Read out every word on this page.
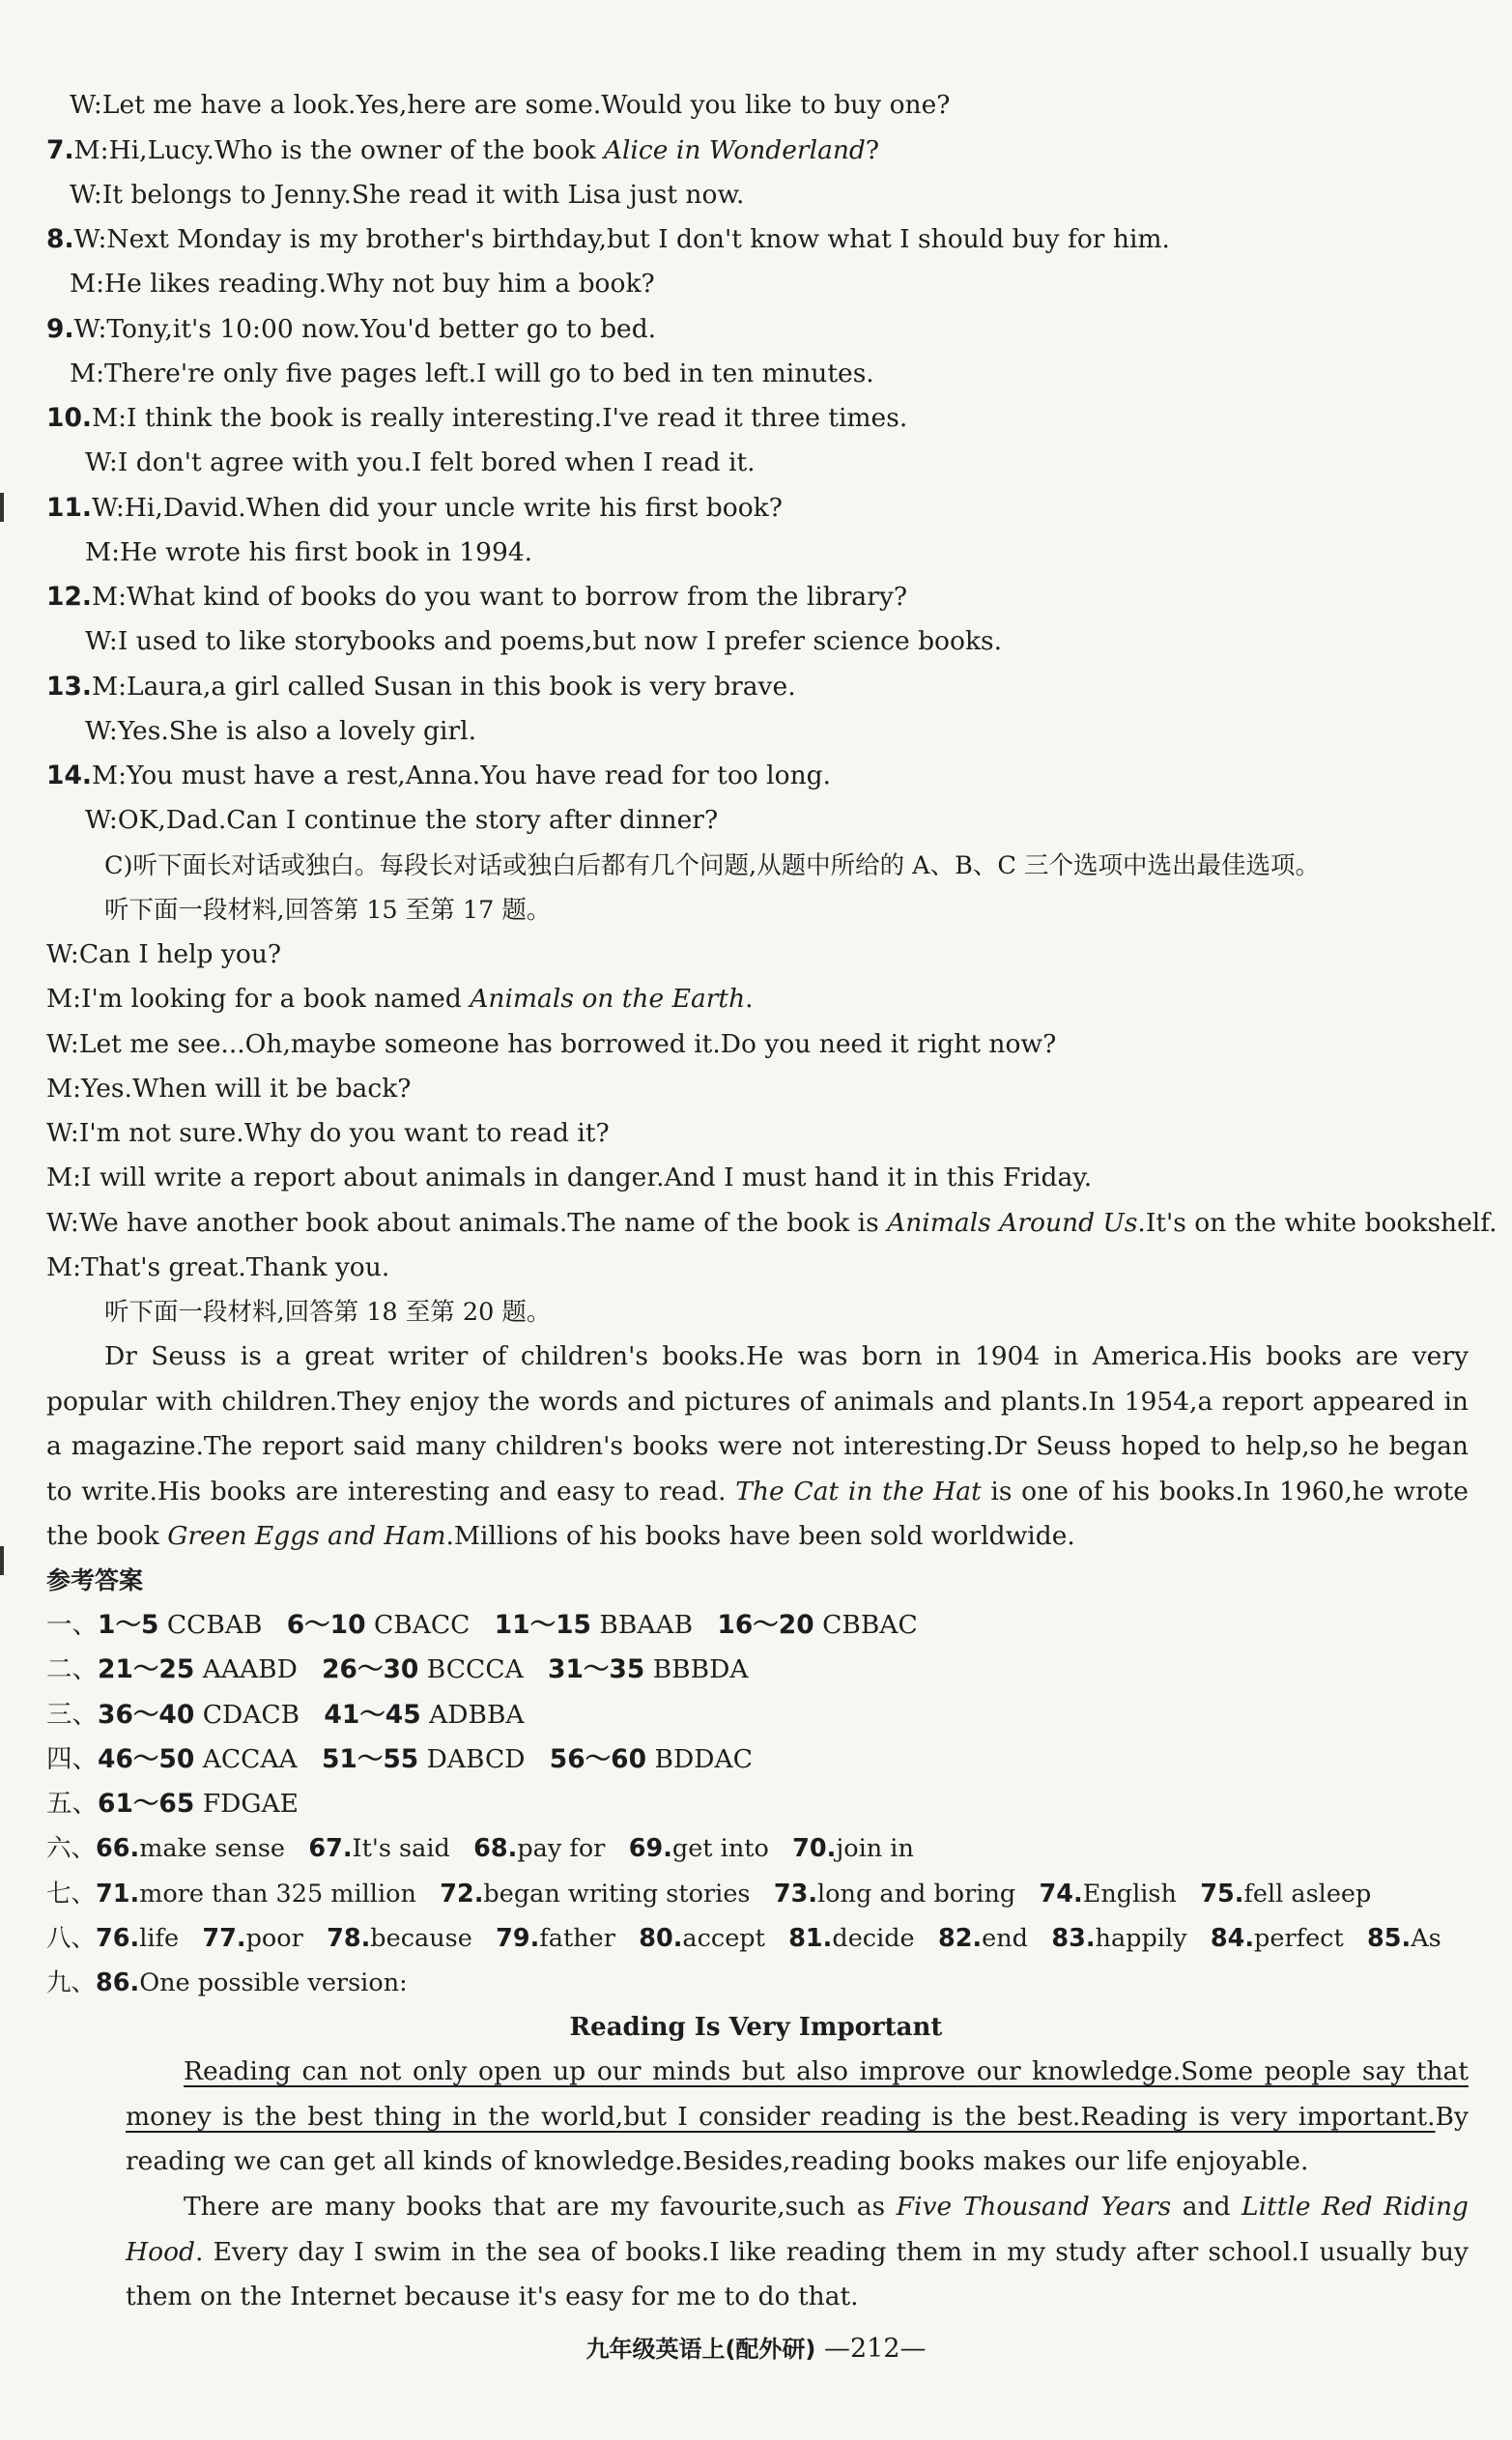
W:Let me have a look.Yes,here are some.Would you like to buy one?
7.M:Hi,Lucy.Who is the owner of the book Alice in Wonderland?
W:It belongs to Jenny.She read it with Lisa just now.
8.W:Next Monday is my brother's birthday,but I don't know what I should buy for him.
M:He likes reading.Why not buy him a book?
9.W:Tony,it's 10:00 now.You'd better go to bed.
M:There're only five pages left.I will go to bed in ten minutes.
10.M:I think the book is really interesting.I've read it three times.
W:I don't agree with you.I felt bored when I read it.
11.W:Hi,David.When did your uncle write his first book?
M:He wrote his first book in 1994.
12.M:What kind of books do you want to borrow from the library?
W:I used to like storybooks and poems,but now I prefer science books.
13.M:Laura,a girl called Susan in this book is very brave.
W:Yes.She is also a lovely girl.
14.M:You must have a rest,Anna.You have read for too long.
W:OK,Dad.Can I continue the story after dinner?
C)听下面长对话或独白。每段长对话或独白后都有几个问题,从题中所给的 A、B、C 三个选项中选出最佳选项。
听下面一段材料,回答第 15 至第 17 题。
W:Can I help you?
M:I'm looking for a book named Animals on the Earth.
W:Let me see...Oh,maybe someone has borrowed it.Do you need it right now?
M:Yes.When will it be back?
W:I'm not sure.Why do you want to read it?
M:I will write a report about animals in danger.And I must hand it in this Friday.
W:We have another book about animals.The name of the book is Animals Around Us.It's on the white bookshelf.
M:That's great.Thank you.
听下面一段材料,回答第 18 至第 20 题。
Dr Seuss is a great writer of children's books.He was born in 1904 in America.His books are very popular with children.They enjoy the words and pictures of animals and plants.In 1954,a report appeared in a magazine.The report said many children's books were not interesting.Dr Seuss hoped to help,so he began to write.His books are interesting and easy to read. The Cat in the Hat is one of his books.In 1960,he wrote the book Green Eggs and Ham.Millions of his books have been sold worldwide.
参考答案
一、1～5 CCBAB 6～10 CBACC 11～15 BBAAB 16～20 CBBAC
二、21～25 AAABD 26～30 BCCCA 31～35 BBBDA
三、36～40 CDACB 41～45 ADBBA
四、46～50 ACCAA 51～55 DABCD 56～60 BDDAC
五、61～65 FDGAE
六、66.make sense 67.It's said 68.pay for 69.get into 70.join in
七、71.more than 325 million 72.began writing stories 73.long and boring 74.English 75.fell asleep
八、76.life 77.poor 78.because 79.father 80.accept 81.decide 82.end 83.happily 84.perfect 85.As
九、86.One possible version:
Reading Is Very Important
Reading can not only open up our minds but also improve our knowledge.Some people say that money is the best thing in the world,but I consider reading is the best.Reading is very important.By reading we can get all kinds of knowledge.Besides,reading books makes our life enjoyable.
There are many books that are my favourite,such as Five Thousand Years and Little Red Riding Hood. Every day I swim in the sea of books.I like reading them in my study after school.I usually buy them on the Internet because it's easy for me to do that.
九年级英语上(配外研) —212—
